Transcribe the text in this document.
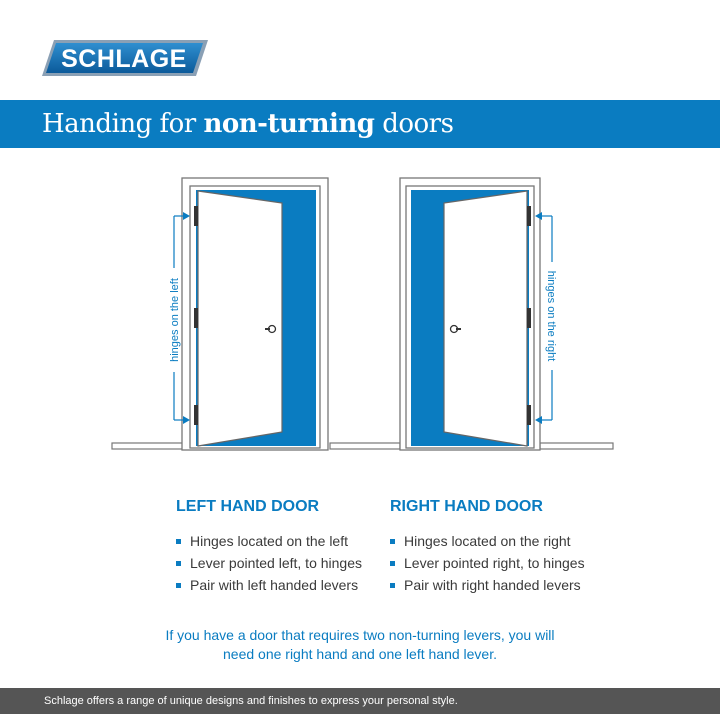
SCHLAGE
Handing for non-turning doors
hinges on the left	hinges on the right
LEFT HAND DOOR
Hinges located on the left
Lever pointed left, to hinges
Pair with left handed levers
RIGHT HAND DOOR
Hinges located on the right
Lever pointed right, to hinges
Pair with right handed levers
If you have a door that requires two non-turning levers, you will
need one right hand and one left hand lever.
Schlage offers a range of unique designs and finishes to express your personal style.
